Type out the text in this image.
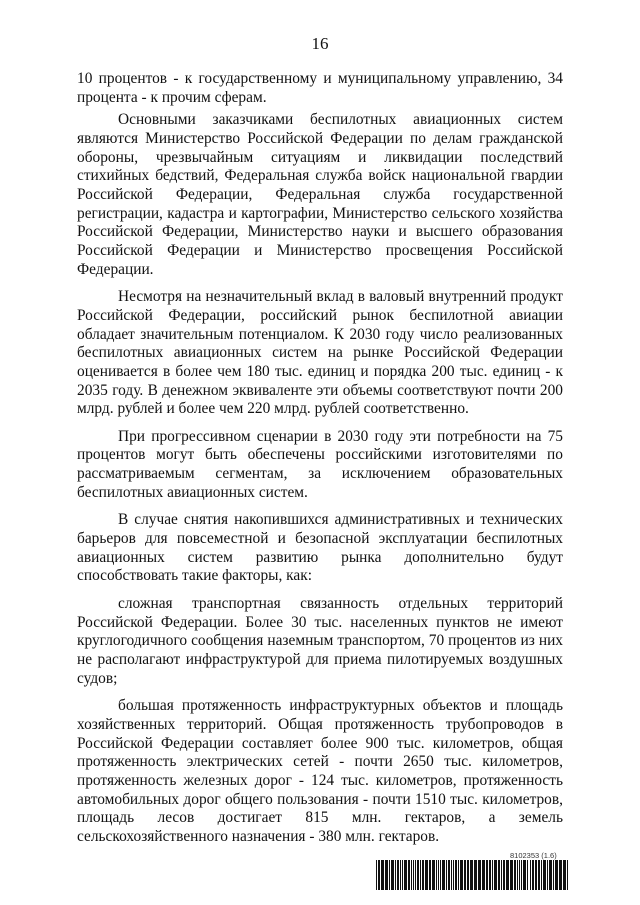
16

10 процентов - к государственному и муниципальному управлению, 34 процента - к прочим сферам.

Основными заказчиками беспилотных авиационных систем являются Министерство Российской Федерации по делам гражданской обороны, чрезвычайным ситуациям и ликвидации последствий стихийных бедствий, Федеральная служба войск национальной гвардии Российской Федерации, Федеральная служба государственной регистрации, кадастра и картографии, Министерство сельского хозяйства Российской Федерации, Министерство науки и высшего образования Российской Федерации и Министерство просвещения Российской Федерации.

Несмотря на незначительный вклад в валовый внутренний продукт Российской Федерации, российский рынок беспилотной авиации обладает значительным потенциалом. К 2030 году число реализованных беспилотных авиационных систем на рынке Российской Федерации оценивается в более чем 180 тыс. единиц и порядка 200 тыс. единиц - к 2035 году. В денежном эквиваленте эти объемы соответствуют почти 200 млрд. рублей и более чем 220 млрд. рублей соответственно.

При прогрессивном сценарии в 2030 году эти потребности на 75 процентов могут быть обеспечены российскими изготовителями по рассматриваемым сегментам, за исключением образовательных беспилотных авиационных систем.

В случае снятия накопившихся административных и технических барьеров для повсеместной и безопасной эксплуатации беспилотных авиационных систем развитию рынка дополнительно будут способствовать такие факторы, как:

сложная транспортная связанность отдельных территорий Российской Федерации. Более 30 тыс. населенных пунктов не имеют круглогодичного сообщения наземным транспортом, 70 процентов из них не располагают инфраструктурой для приема пилотируемых воздушных судов;

большая протяженность инфраструктурных объектов и площадь хозяйственных территорий. Общая протяженность трубопроводов в Российской Федерации составляет более 900 тыс. километров, общая протяженность электрических сетей - почти 2650 тыс. километров, протяженность железных дорог - 124 тыс. километров, протяженность автомобильных дорог общего пользования - почти 1510 тыс. километров, площадь лесов достигает 815 млн. гектаров, а земель сельскохозяйственного назначения - 380 млн. гектаров.

8102353 (1.6)
